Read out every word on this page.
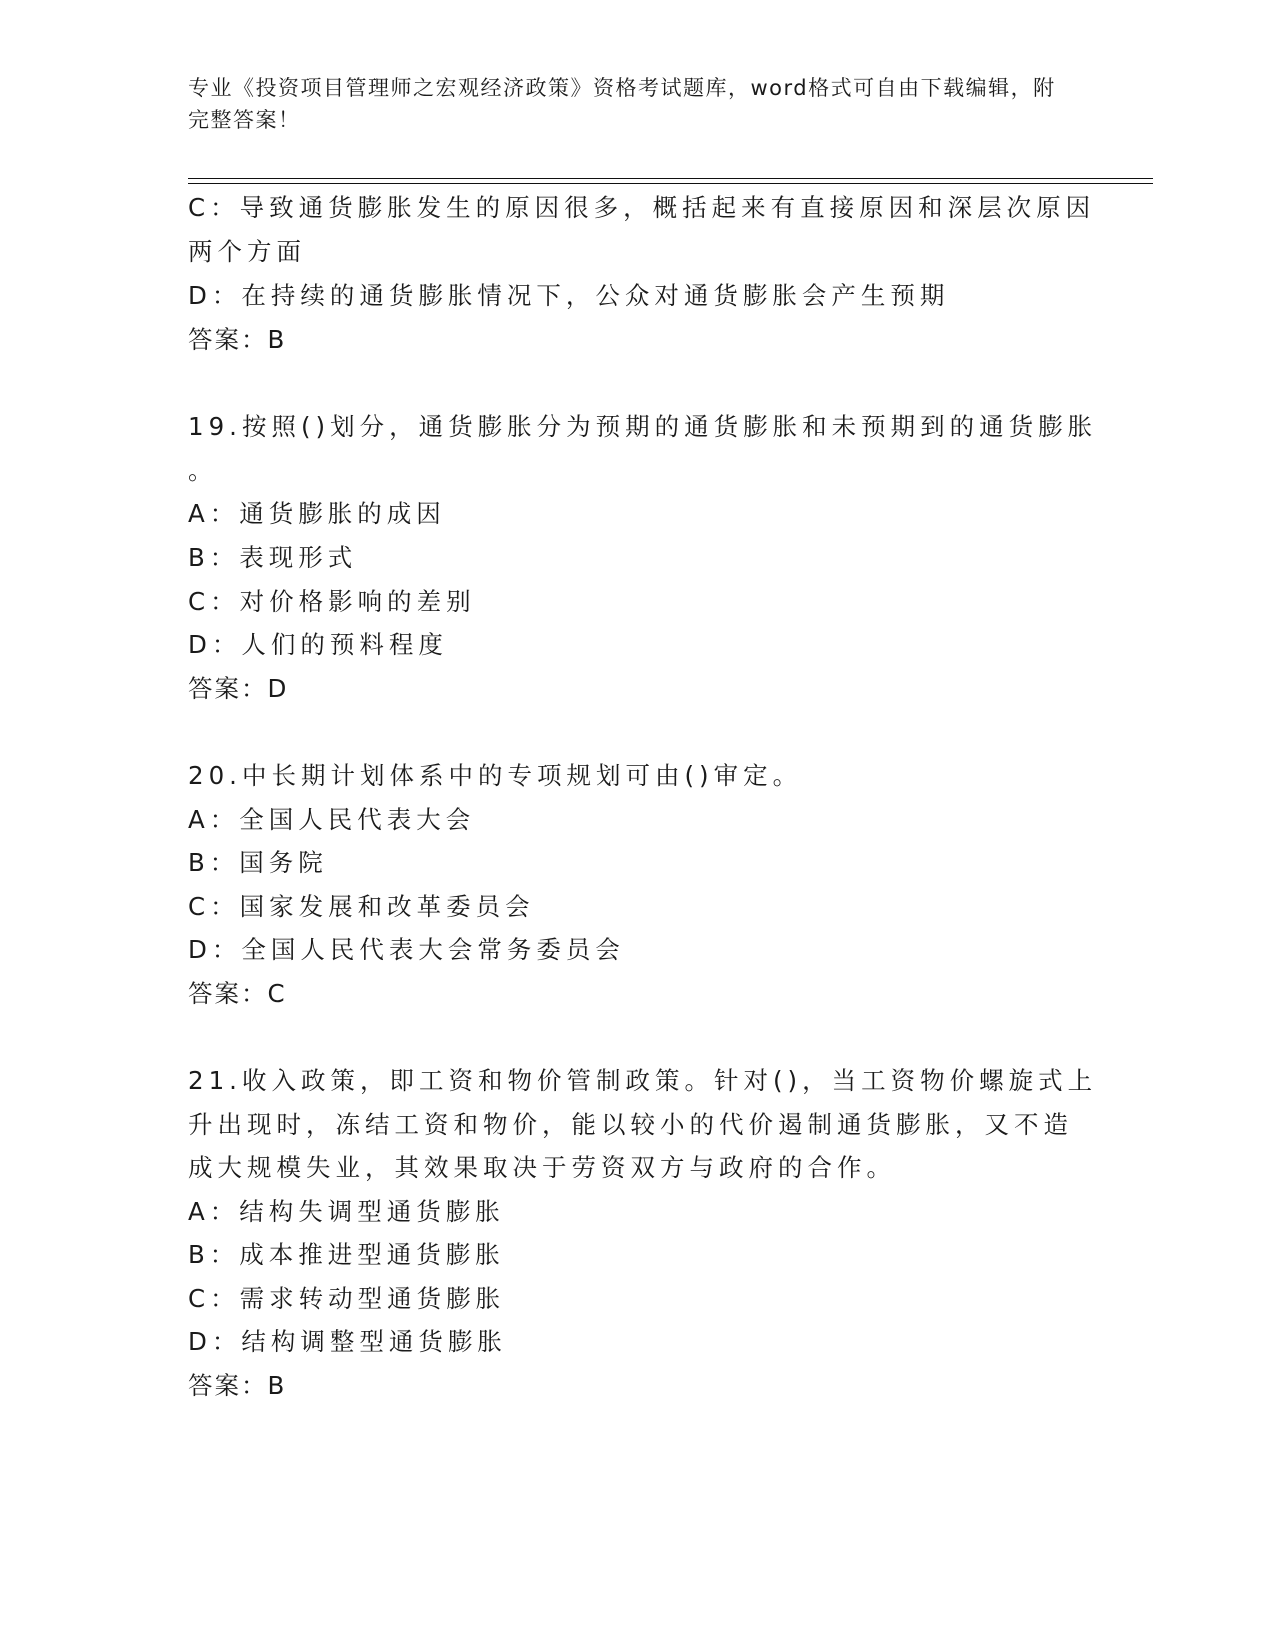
专业《投资项目管理师之宏观经济政策》资格考试题库，word格式可自由下载编辑，附完整答案！
C：导致通货膨胀发生的原因很多，概括起来有直接原因和深层次原因
两个方面
D：在持续的通货膨胀情况下，公众对通货膨胀会产生预期
答案：B
19.按照()划分，通货膨胀分为预期的通货膨胀和未预期到的通货膨胀
。
A：通货膨胀的成因
B：表现形式
C：对价格影响的差别
D：人们的预料程度
答案：D
20.中长期计划体系中的专项规划可由()审定。
A：全国人民代表大会
B：国务院
C：国家发展和改革委员会
D：全国人民代表大会常务委员会
答案：C
21.收入政策，即工资和物价管制政策。针对()，当工资物价螺旋式上
升出现时，冻结工资和物价，能以较小的代价遏制通货膨胀，又不造
成大规模失业，其效果取决于劳资双方与政府的合作。
A：结构失调型通货膨胀
B：成本推进型通货膨胀
C：需求转动型通货膨胀
D：结构调整型通货膨胀
答案：B
